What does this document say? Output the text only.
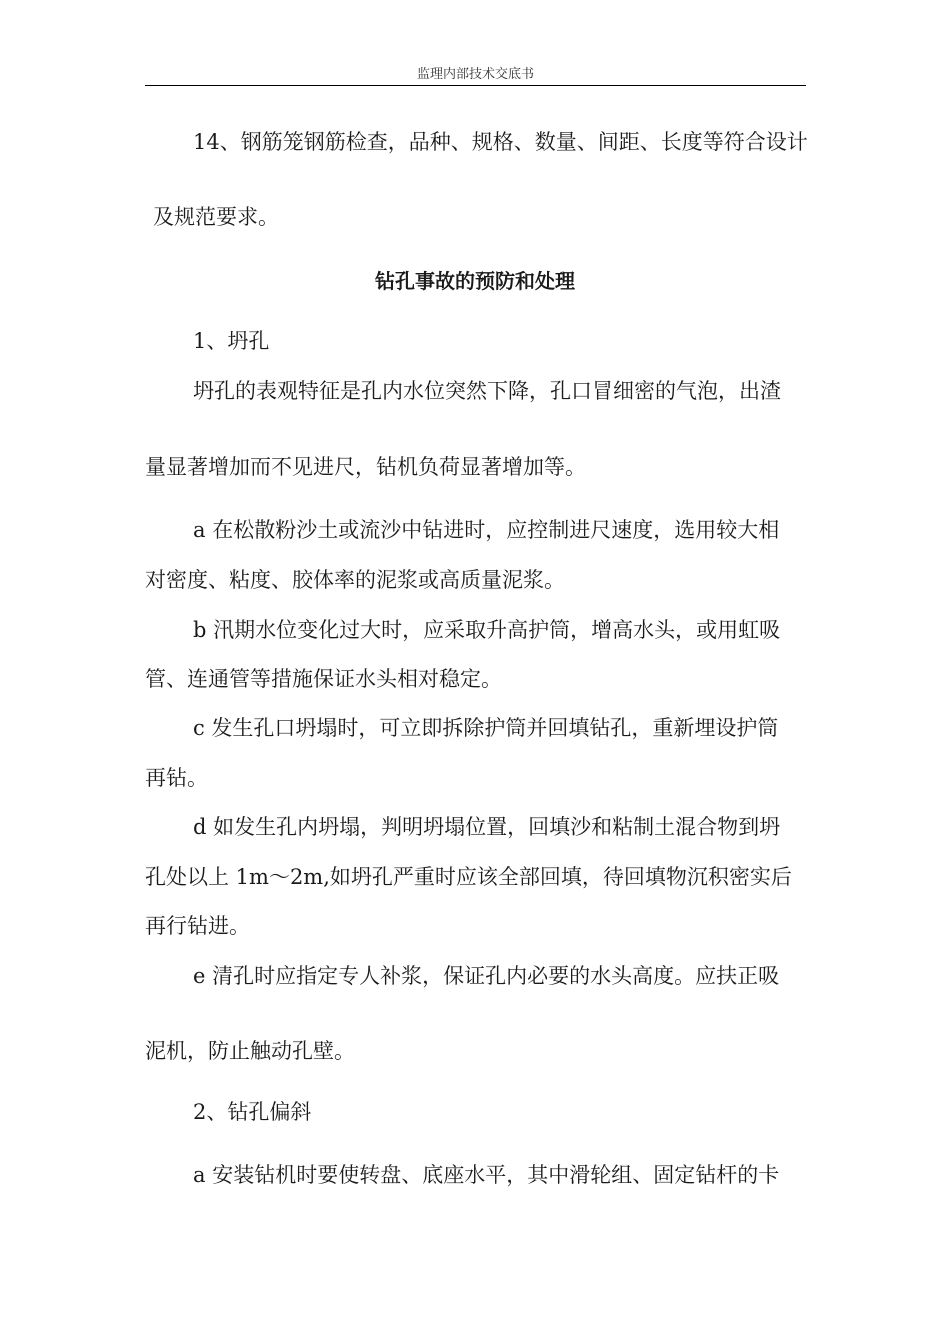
监理内部技术交底书
14、钢筋笼钢筋检查，品种、规格、数量、间距、长度等符合设计
及规范要求。
钻孔事故的预防和处理
1、坍孔
坍孔的表观特征是孔内水位突然下降，孔口冒细密的气泡，出渣
量显著增加而不见进尺，钻机负荷显著增加等。
a 在松散粉沙土或流沙中钻进时，应控制进尺速度，选用较大相
对密度、粘度、胶体率的泥浆或高质量泥浆。
b 汛期水位变化过大时，应采取升高护筒，增高水头，或用虹吸
管、连通管等措施保证水头相对稳定。
c 发生孔口坍塌时，可立即拆除护筒并回填钻孔，重新埋设护筒
再钻。
d 如发生孔内坍塌，判明坍塌位置，回填沙和粘制土混合物到坍
孔处以上 1m～2m,如坍孔严重时应该全部回填，待回填物沉积密实后
再行钻进。
e 清孔时应指定专人补浆，保证孔内必要的水头高度。应扶正吸
泥机，防止触动孔壁。
2、钻孔偏斜
a 安装钻机时要使转盘、底座水平，其中滑轮组、固定钻杆的卡
